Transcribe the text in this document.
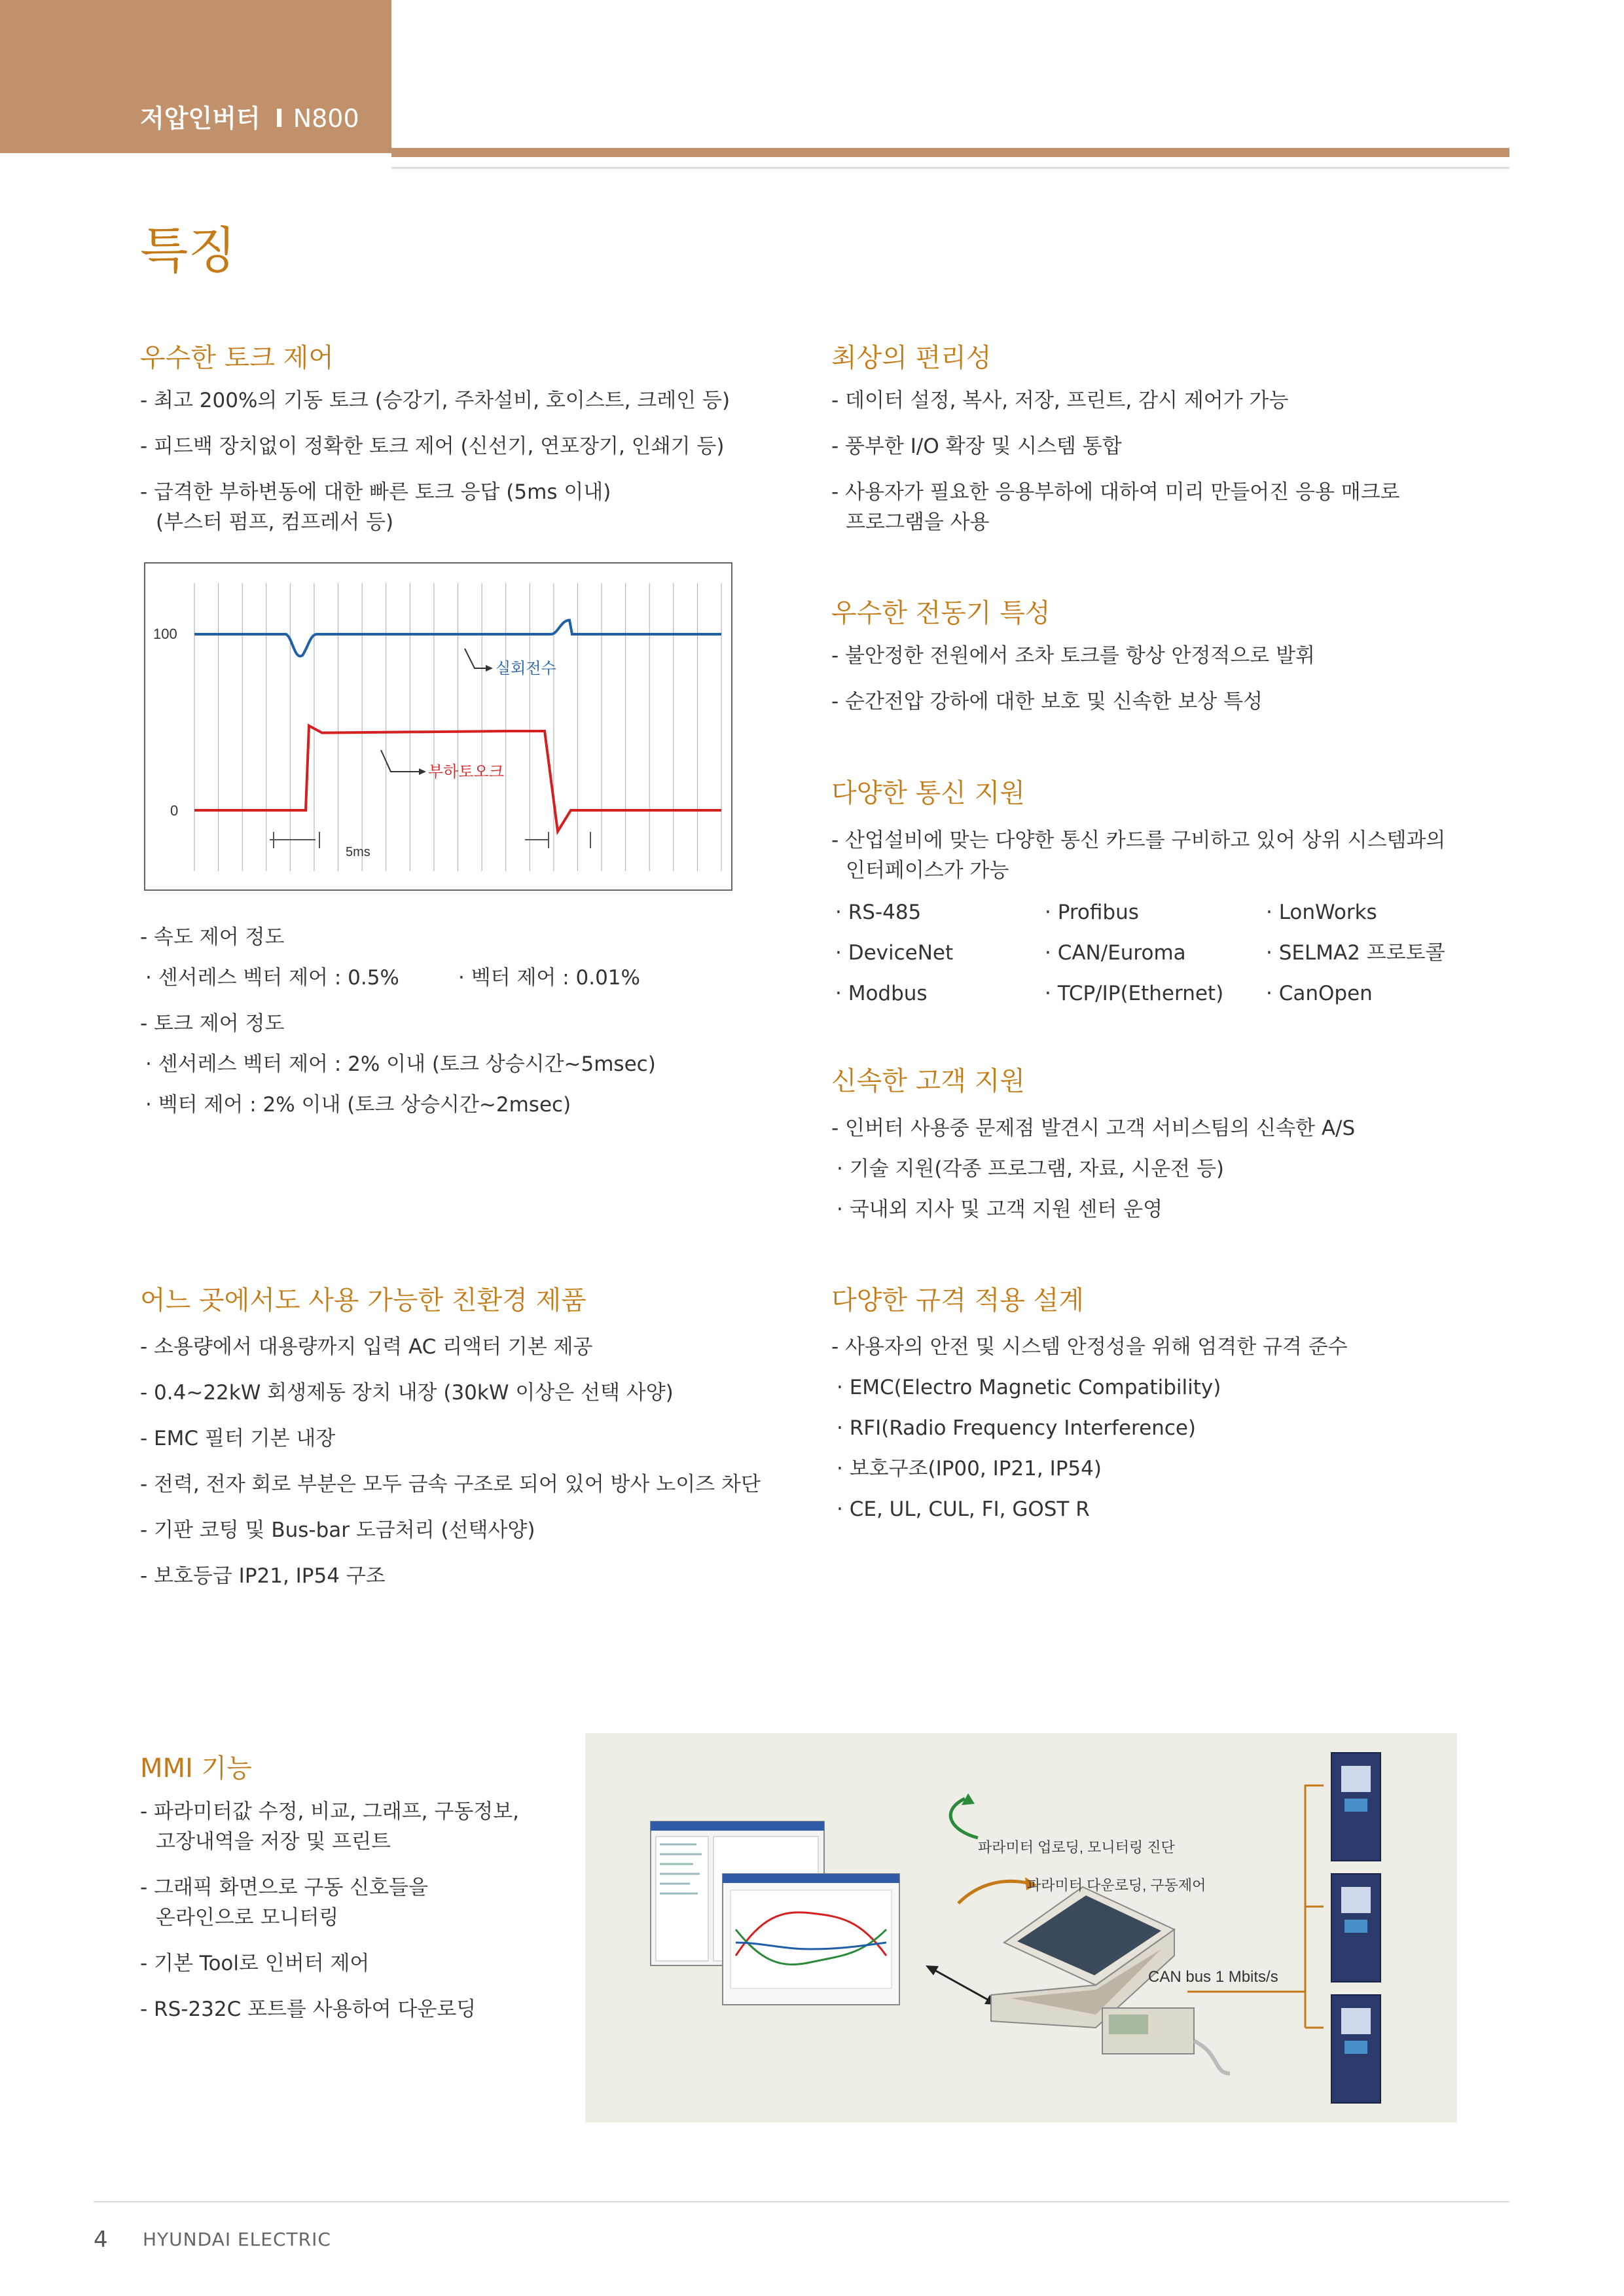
저압인버터 I N800
특징
우수한 토크 제어
- 최고 200%의 기동 토크 (승강기, 주차설비, 호이스트, 크레인 등)
- 피드백 장치없이 정확한 토크 제어 (신선기, 연포장기, 인쇄기 등)
- 급격한 부하변동에 대한 빠른 토크 응답 (5ms 이내)
(부스터 펌프, 컴프레서 등)
100
0
실회전수
부하토오크
5ms
- 속도 제어 정도
· 센서레스 벡터 제어 : 0.5%	· 벡터 제어 : 0.01%
- 토크 제어 정도
· 센서레스 벡터 제어 : 2% 이내 (토크 상승시간~5msec)
· 벡터 제어 : 2% 이내 (토크 상승시간~2msec)
최상의 편리성
- 데이터 설정, 복사, 저장, 프린트, 감시 제어가 가능
- 풍부한 I/O 확장 및 시스템 통합
- 사용자가 필요한 응용부하에 대하여 미리 만들어진 응용 매크로
프로그램을 사용
우수한 전동기 특성
- 불안정한 전원에서 조차 토크를 항상 안정적으로 발휘
- 순간전압 강하에 대한 보호 및 신속한 보상 특성
다양한 통신 지원
- 산업설비에 맞는 다양한 통신 카드를 구비하고 있어 상위 시스템과의
인터페이스가 가능
· RS-485	· Profibus	· LonWorks
· DeviceNet	· CAN/Euroma	· SELMA2 프로토콜
· Modbus	· TCP/IP(Ethernet) · CanOpen
신속한 고객 지원
- 인버터 사용중 문제점 발견시 고객 서비스팀의 신속한 A/S
· 기술 지원(각종 프로그램, 자료, 시운전 등)
· 국내외 지사 및 고객 지원 센터 운영
어느 곳에서도 사용 가능한 친환경 제품
- 소용량에서 대용량까지 입력 AC 리액터 기본 제공
- 0.4~22kW 회생제동 장치 내장 (30kW 이상은 선택 사양)
- EMC 필터 기본 내장
- 전력, 전자 회로 부분은 모두 금속 구조로 되어 있어 방사 노이즈 차단
- 기판 코팅 및 Bus-bar 도금처리 (선택사양)
- 보호등급 IP21, IP54 구조
다양한 규격 적용 설계
- 사용자의 안전 및 시스템 안정성을 위해 엄격한 규격 준수
· EMC(Electro Magnetic Compatibility)
· RFI(Radio Frequency Interference)
· 보호구조(IP00, IP21, IP54)
· CE, UL, CUL, FI, GOST R
MMI 기능
- 파라미터값 수정, 비교, 그래프, 구동정보,
고장내역을 저장 및 프린트
- 그래픽 화면으로 구동 신호들을
온라인으로 모니터링
- 기본 Tool로 인버터 제어
- RS-232C 포트를 사용하여 다운로딩
파라미터 업로딩, 모니터링 진단
파라미터 다운로딩, 구동제어
CAN bus 1 Mbits/s
4 HYUNDAI ELECTRIC
